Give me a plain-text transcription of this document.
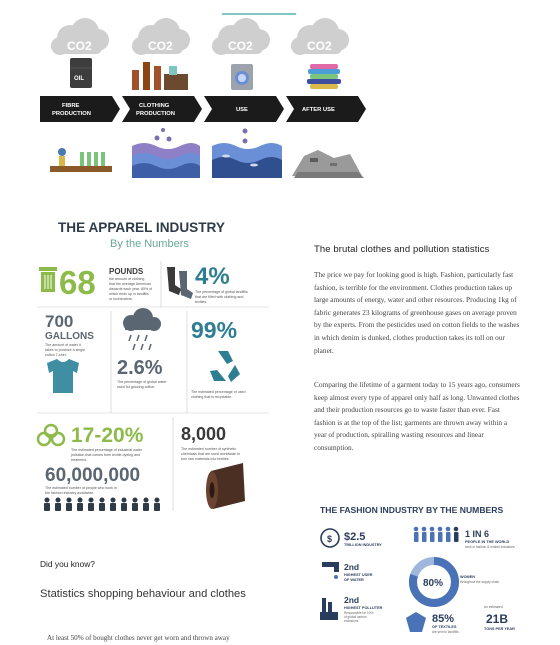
CO2	CO2	CO2	CO2
OIL
FIBRE
PRODUCTION
CLOTHING
PRODUCTION
USE	AFTER USE
THE APPAREL INDUSTRY
By the Numbers
68 POUNDS
the amount of clothing
that the average American
discards each year. 85% of
which ends up in landfills
or incinerators.
4%
The percentage of global landfills
that are filled with clothing and
textiles.
700
GALLONS
The amount of water it
takes to produce a single
cotton T-shirt.
2.6%
The percentage of global water
used for growing cotton.
99%
The estimated percentage of used
clothing that is recyclable.
17-20%
The estimated percentage of industrial water
pollution that comes from textile dyeing and
treatment.
8,000
The estimated number of synthetic
chemicals that are used worldwide to
turn raw materials into textiles.
60,000,000
The estimated number of people who work in
the fashion industry worldwide.
The brutal clothes and pollution statistics

The price we pay for looking good is high. Fashion, particularly fast fashion, is terrible for the environment. Clothes production takes up large amounts of energy, water and other resources. Producing 1kg of fabric generates 23 kilograms of greenhouse gases on average proven by the experts. From the pesticides used on cotton fields to the washes in which denim is dunked, clothes production takes its toll on our planet.

Comparing the lifetime of a garment today to 15 years ago, consumers keep almost every type of apparel only half as long. Unwanted clothes and their production resources go to waste faster than ever. Fast fashion is at the top of the list; garments are thrown away within a year of production, spiralling wasting resources and linear consumption.

THE FASHION INDUSTRY BY THE NUMBERS
$ $2.5
TRILLION INDUSTRY
1 IN 6
PEOPLE IN THE WORLD
work in fashion & related industries.
2nd
HIGHEST USER
OF WATER	80%
WOMEN
throughout the supply chain.
2nd
HIGHEST POLLUTER
Responsible for 10%
of global carbon
emissions.	85%
OF TEXTILES
are sent to landfills.
An estimated
21B
TONS PER YEAR
Did you know?
Statistics shopping behaviour and clothes

At least 50% of bought clothes never get worn and thrown away
